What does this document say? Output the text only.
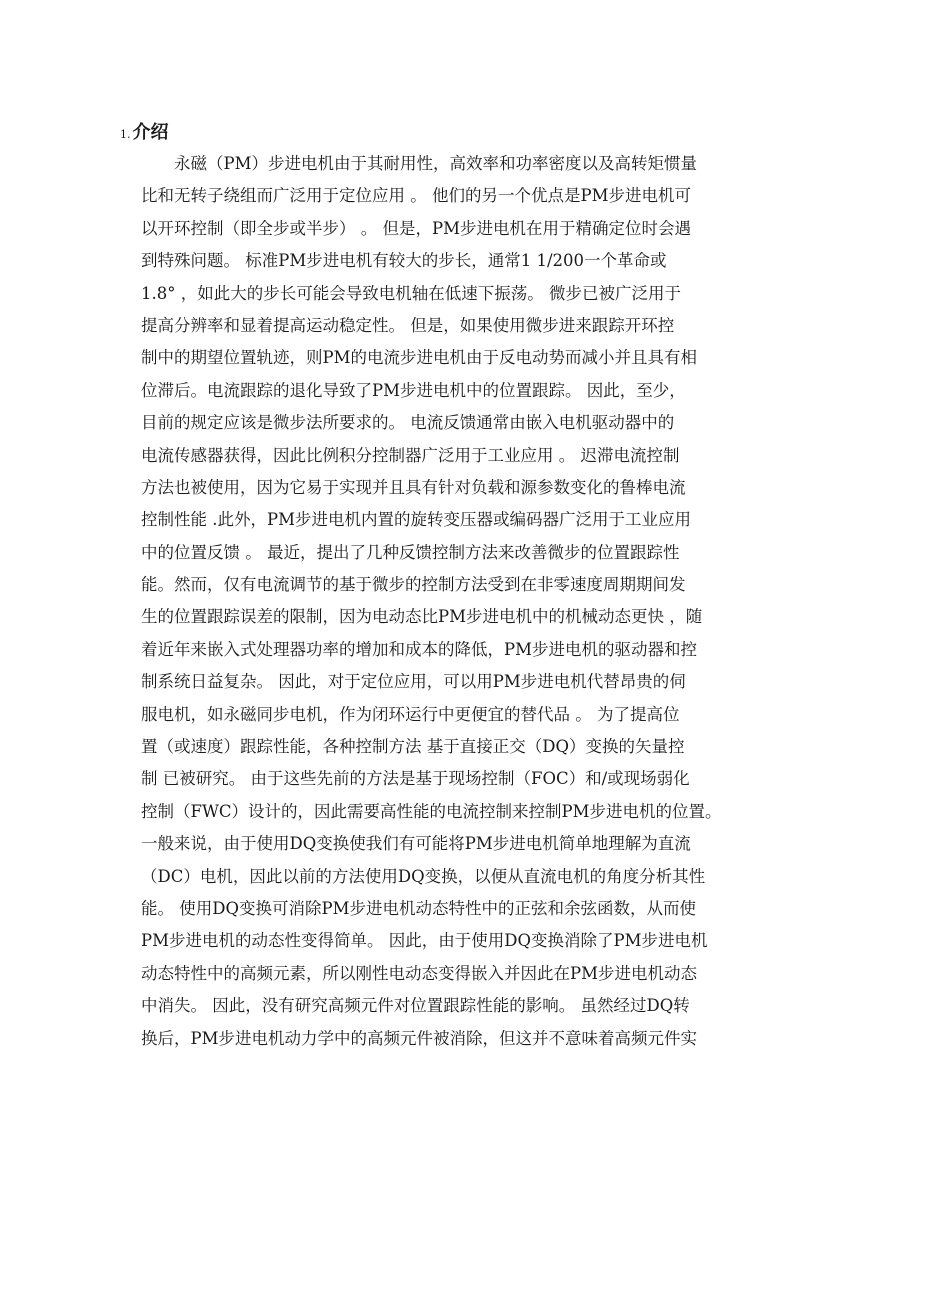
1. 介绍
　　永磁（PM）步进电机由于其耐用性，高效率和功率密度以及高转矩惯量
比和无转子绕组而广泛用于定位应用 。 他们的另一个优点是PM步进电机可
以开环控制（即全步或半步） 。 但是，PM步进电机在用于精确定位时会遇
到特殊问题。 标准PM步进电机有较大的步长，通常1 1/200一个革命或
1.8° ，如此大的步长可能会导致电机轴在低速下振荡。 微步已被广泛用于
提高分辨率和显着提高运动稳定性。 但是，如果使用微步进来跟踪开环控
制中的期望位置轨迹，则PM的电流步进电机由于反电动势而减小并且具有相
位滞后。电流跟踪的退化导致了PM步进电机中的位置跟踪。 因此，至少，
目前的规定应该是微步法所要求的。 电流反馈通常由嵌入电机驱动器中的
电流传感器获得，因此比例积分控制器广泛用于工业应用 。 迟滞电流控制
方法也被使用，因为它易于实现并且具有针对负载和源参数变化的鲁棒电流
控制性能 .此外，PM步进电机内置的旋转变压器或编码器广泛用于工业应用
中的位置反馈 。 最近，提出了几种反馈控制方法来改善微步的位置跟踪性
能。然而，仅有电流调节的基于微步的控制方法受到在非零速度周期期间发
生的位置跟踪误差的限制，因为电动态比PM步进电机中的机械动态更快 ，随
着近年来嵌入式处理器功率的增加和成本的降低，PM步进电机的驱动器和控
制系统日益复杂。 因此，对于定位应用，可以用PM步进电机代替昂贵的伺
服电机，如永磁同步电机，作为闭环运行中更便宜的替代品 。 为了提高位
置（或速度）跟踪性能，各种控制方法 基于直接正交（DQ）变换的矢量控
制 已被研究。 由于这些先前的方法是基于现场控制（FOC）和/或现场弱化
控制（FWC）设计的，因此需要高性能的电流控制来控制PM步进电机的位置。
一般来说，由于使用DQ变换使我们有可能将PM步进电机简单地理解为直流
（DC）电机，因此以前的方法使用DQ变换，以便从直流电机的角度分析其性
能。 使用DQ变换可消除PM步进电机动态特性中的正弦和余弦函数，从而使
PM步进电机的动态性变得简单。 因此，由于使用DQ变换消除了PM步进电机
动态特性中的高频元素，所以刚性电动态变得嵌入并因此在PM步进电机动态
中消失。 因此，没有研究高频元件对位置跟踪性能的影响。 虽然经过DQ转
换后，PM步进电机动力学中的高频元件被消除，但这并不意味着高频元件实
